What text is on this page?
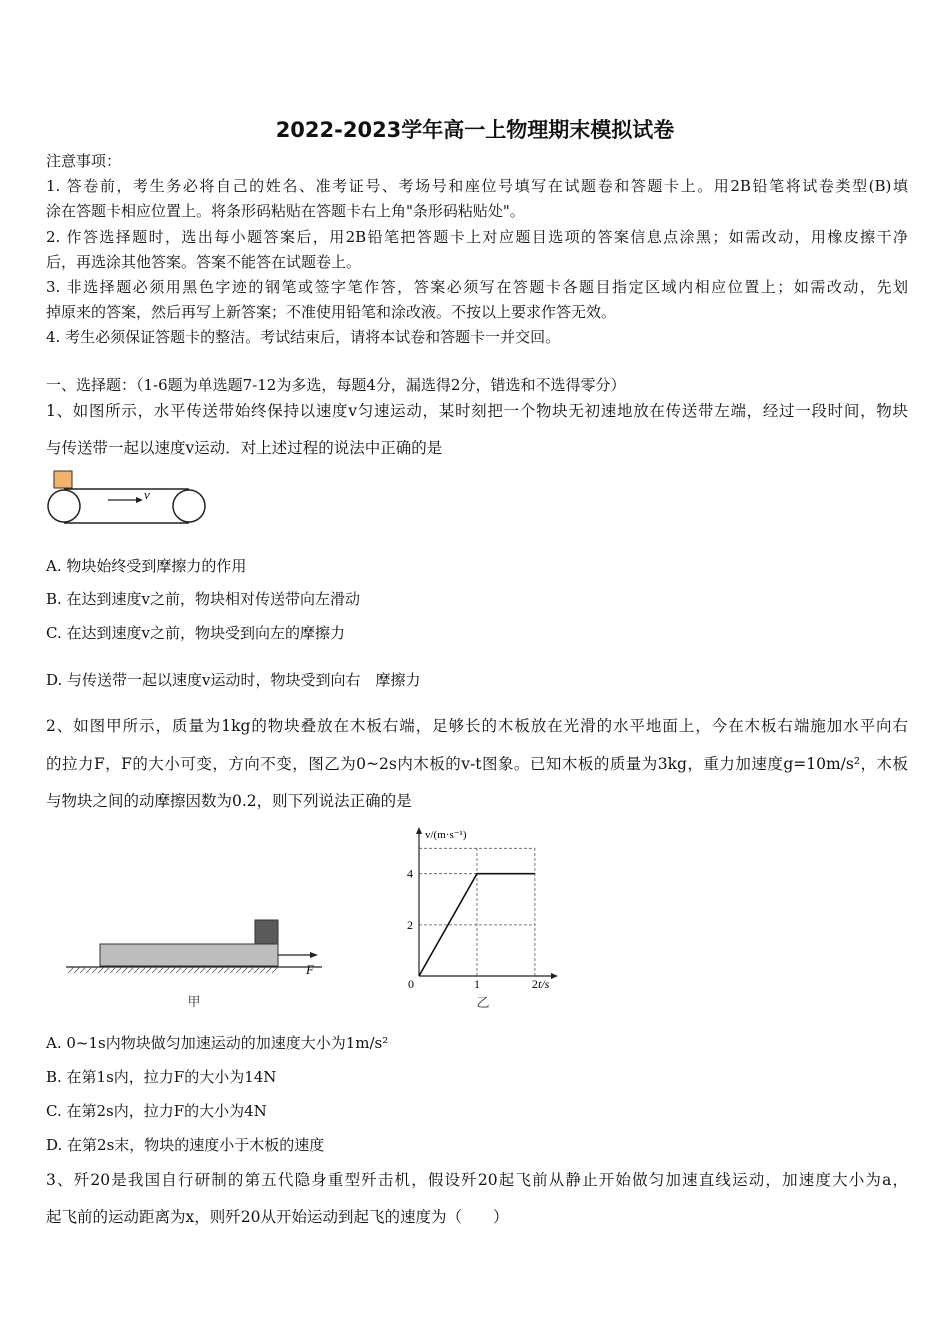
2022-2023学年高一上物理期末模拟试卷
注意事项：
1. 答卷前，考生务必将自己的姓名、准考证号、考场号和座位号填写在试题卷和答题卡上。用2B铅笔将试卷类型(B)填
涂在答题卡相应位置上。将条形码粘贴在答题卡右上角"条形码粘贴处"。
2. 作答选择题时，选出每小题答案后，用2B铅笔把答题卡上对应题目选项的答案信息点涂黑；如需改动，用橡皮擦干净
后，再选涂其他答案。答案不能答在试题卷上。
3. 非选择题必须用黑色字迹的钢笔或签字笔作答，答案必须写在答题卡各题目指定区域内相应位置上；如需改动，先划
掉原来的答案，然后再写上新答案；不准使用铅笔和涂改液。不按以上要求作答无效。
4. 考生必须保证答题卡的整洁。考试结束后，请将本试卷和答题卡一并交回。
一、选择题：（1-6题为单选题7-12为多选，每题4分，漏选得2分，错选和不选得零分）
1、如图所示，水平传送带始终保持以速度v匀速运动，某时刻把一个物块无初速地放在传送带左端，经过一段时间，物块
与传送带一起以速度v运动．对上述过程的说法中正确的是
v
A. 物块始终受到摩擦力的作用
B. 在达到速度v之前，物块相对传送带向左滑动
C. 在达到速度v之前，物块受到向左的摩擦力
D. 与传送带一起以速度v运动时，物块受到向右　摩擦力
2、如图甲所示，质量为1kg的物块叠放在木板右端，足够长的木板放在光滑的水平地面上，今在木板右端施加水平向右
的拉力F，F的大小可变，方向不变，图乙为0~2s内木板的v-t图象。已知木板的质量为3kg，重力加速度g=10m/s²，木板
与物块之间的动摩擦因数为0.2，则下列说法正确的是
F
甲
v/(m·s⁻¹)
t/s
2
4
0	1	2
乙
A. 0~1s内物块做匀加速运动的加速度大小为1m/s²
B. 在第1s内，拉力F的大小为14N
C. 在第2s内，拉力F的大小为4N
D. 在第2s末，物块的速度小于木板的速度
3、歼20是我国自行研制的第五代隐身重型歼击机，假设歼20起飞前从静止开始做匀加速直线运动，加速度大小为a，
起飞前的运动距离为x，则歼20从开始运动到起飞的速度为（　　）
